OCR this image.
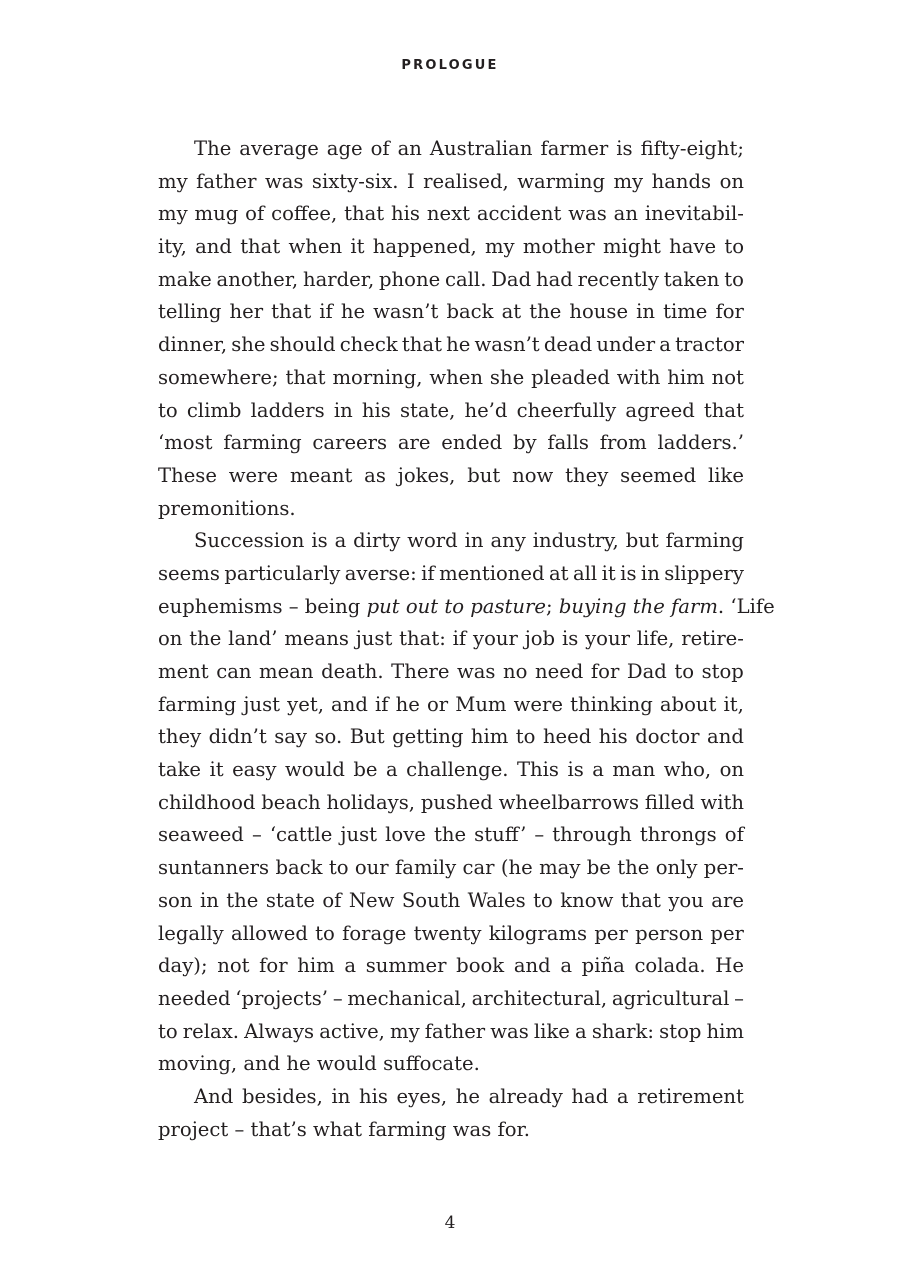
PROLOGUE
The average age of an Australian farmer is fifty-eight;
my father was sixty-six. I realised, warming my hands on
my mug of coffee, that his next accident was an inevitabil-
ity, and that when it happened, my mother might have to
make another, harder, phone call. Dad had recently taken to
telling her that if he wasn’t back at the house in time for
dinner, she should check that he wasn’t dead under a tractor
somewhere; that morning, when she pleaded with him not
to climb ladders in his state, he’d cheerfully agreed that
‘most farming careers are ended by falls from ladders.’
These were meant as jokes, but now they seemed like
premonitions.
Succession is a dirty word in any industry, but farming
seems particularly averse: if mentioned at all it is in slippery
euphemisms – being put out to pasture ; buying the farm . ‘Life
on the land’ means just that: if your job is your life, retire-
ment can mean death. There was no need for Dad to stop
farming just yet, and if he or Mum were thinking about it,
they didn’t say so. But getting him to heed his doctor and
take it easy would be a challenge. This is a man who, on
childhood beach holidays, pushed wheelbarrows filled with
seaweed – ‘cattle just love the stuff’ – through throngs of
suntanners back to our family car (he may be the only per-
son in the state of New South Wales to know that you are
legally allowed to forage twenty kilograms per person per
day); not for him a summer book and a piña colada. He
needed ‘projects’ – mechanical, architectural, agricultural –
to relax. Always active, my father was like a shark: stop him
moving, and he would suffocate.
And besides, in his eyes, he already had a retirement
project – that’s what farming was for.
4
